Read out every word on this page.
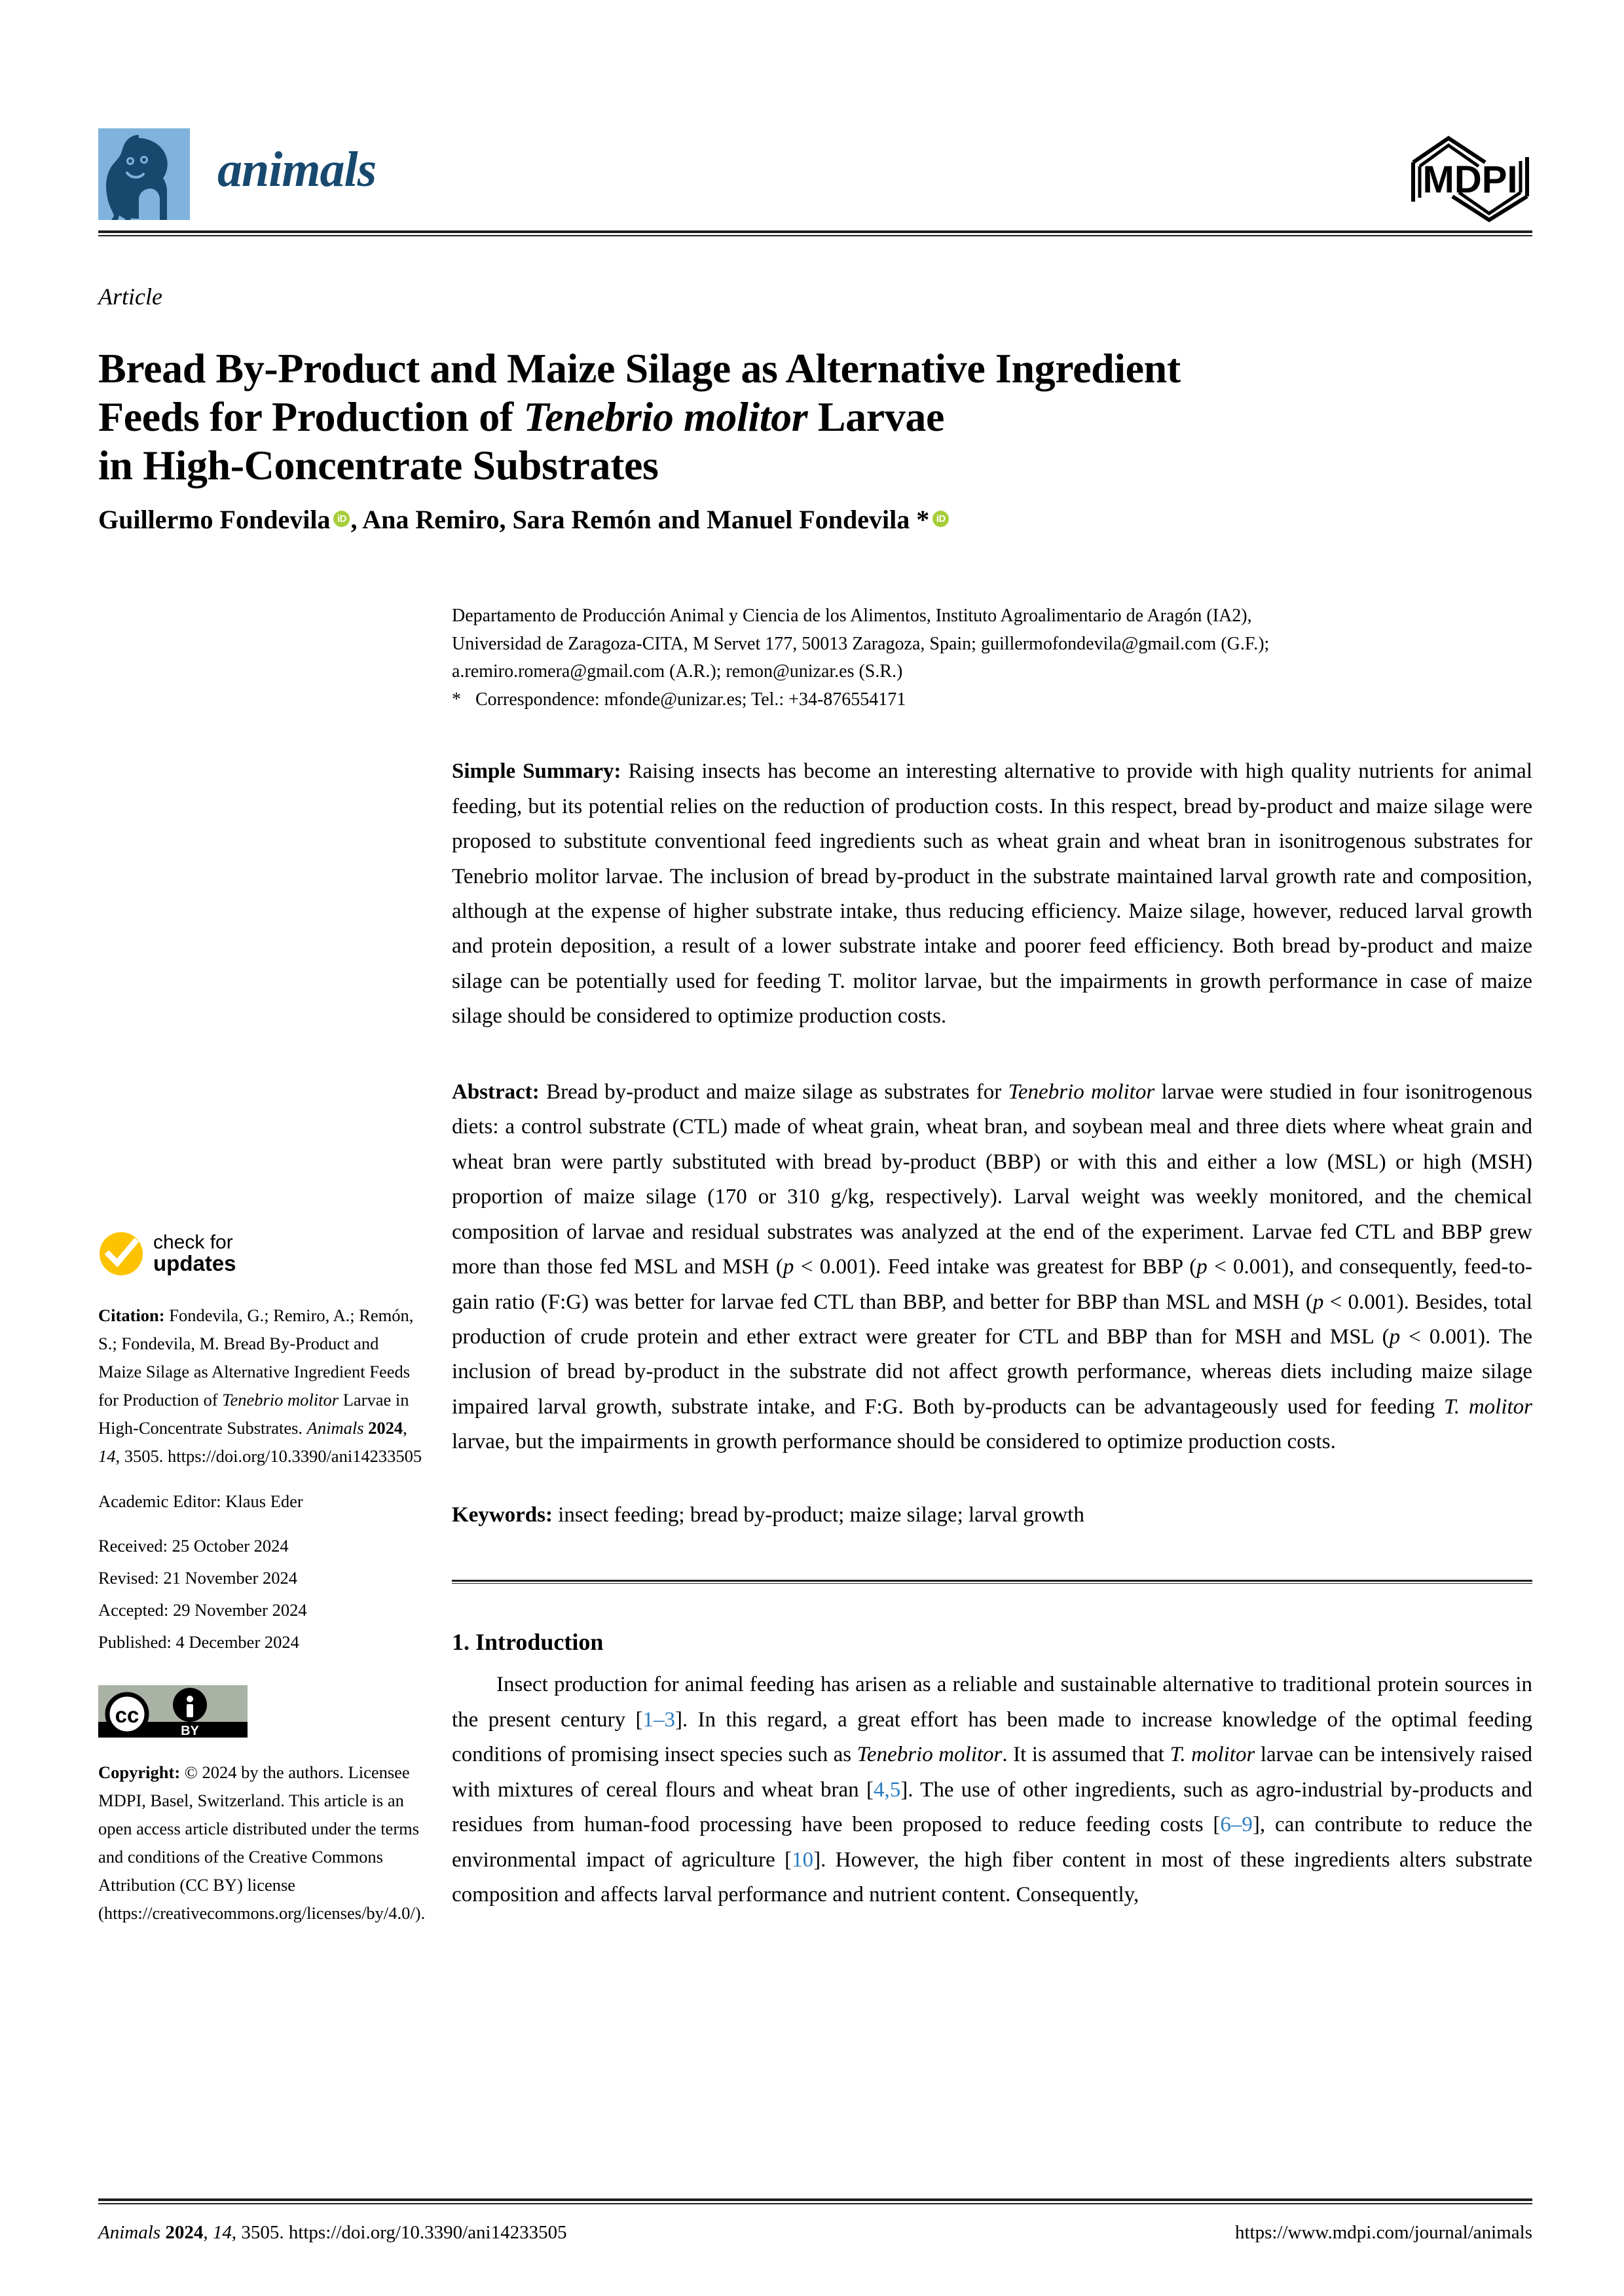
animals	MDPI
Article
Bread By-Product and Maize Silage as Alternative Ingredient
Feeds for Production of Tenebrio molitor Larvae
in High-Concentrate Substrates
Guillermo Fondevila iD , Ana Remiro, Sara Remón and Manuel Fondevila * iD
check for
updates

Citation: Fondevila, G.; Remiro, A.; Remón, S.; Fondevila, M. Bread By-Product and Maize Silage as Alternative Ingredient Feeds for Production of Tenebrio molitor Larvae in High-Concentrate Substrates. Animals 2024, 14, 3505. https://doi.org/10.3390/ani14233505

Academic Editor: Klaus Eder

Received: 25 October 2024
Revised: 21 November 2024
Accepted: 29 November 2024
Published: 4 December 2024
cc
BY

Copyright: © 2024 by the authors. Licensee MDPI, Basel, Switzerland. This article is an open access article distributed under the terms and conditions of the Creative Commons Attribution (CC BY) license (https://creativecommons.org/licenses/by/4.0/).

Departamento de Producción Animal y Ciencia de los Alimentos, Instituto Agroalimentario de Aragón (IA2),

Universidad de Zaragoza-CITA, M Servet 177, 50013 Zaragoza, Spain; guillermofondevila@gmail.com (G.F.);

a.remiro.romera@gmail.com (A.R.); remon@unizar.es (S.R.)

* Correspondence: mfonde@unizar.es; Tel.: +34-876554171

Simple Summary: Raising insects has become an interesting alternative to provide with high quality nutrients for animal feeding, but its potential relies on the reduction of production costs. In this respect, bread by-product and maize silage were proposed to substitute conventional feed ingredients such as wheat grain and wheat bran in isonitrogenous substrates for Tenebrio molitor larvae. The inclusion of bread by-product in the substrate maintained larval growth rate and composition, although at the expense of higher substrate intake, thus reducing efficiency. Maize silage, however, reduced larval growth and protein deposition, a result of a lower substrate intake and poorer feed efficiency. Both bread by-product and maize silage can be potentially used for feeding T. molitor larvae, but the impairments in growth performance in case of maize silage should be considered to optimize production costs.

Abstract: Bread by-product and maize silage as substrates for Tenebrio molitor larvae were studied in four isonitrogenous diets: a control substrate (CTL) made of wheat grain, wheat bran, and soybean meal and three diets where wheat grain and wheat bran were partly substituted with bread by-product (BBP) or with this and either a low (MSL) or high (MSH) proportion of maize silage (170 or 310 g/kg, respectively). Larval weight was weekly monitored, and the chemical composition of larvae and residual substrates was analyzed at the end of the experiment. Larvae fed CTL and BBP grew more than those fed MSL and MSH (p < 0.001). Feed intake was greatest for BBP (p < 0.001), and consequently, feed-to-gain ratio (F:G) was better for larvae fed CTL than BBP, and better for BBP than MSL and MSH (p < 0.001). Besides, total production of crude protein and ether extract were greater for CTL and BBP than for MSH and MSL (p < 0.001). The inclusion of bread by-product in the substrate did not affect growth performance, whereas diets including maize silage impaired larval growth, substrate intake, and F:G. Both by-products can be advantageously used for feeding T. molitor larvae, but the impairments in growth performance should be considered to optimize production costs.

Keywords: insect feeding; bread by-product; maize silage; larval growth

1. Introduction

Insect production for animal feeding has arisen as a reliable and sustainable alternative to traditional protein sources in the present century [1–3]. In this regard, a great effort has been made to increase knowledge of the optimal feeding conditions of promising insect species such as Tenebrio molitor. It is assumed that T. molitor larvae can be intensively raised with mixtures of cereal flours and wheat bran [4,5]. The use of other ingredients, such as agro-industrial by-products and residues from human-food processing have been proposed to reduce feeding costs [6–9], can contribute to reduce the environmental impact of agriculture [10]. However, the high fiber content in most of these ingredients alters substrate composition and affects larval performance and nutrient content. Consequently,

Animals 2024, 14, 3505. https://doi.org/10.3390/ani14233505	https://www.mdpi.com/journal/animals
